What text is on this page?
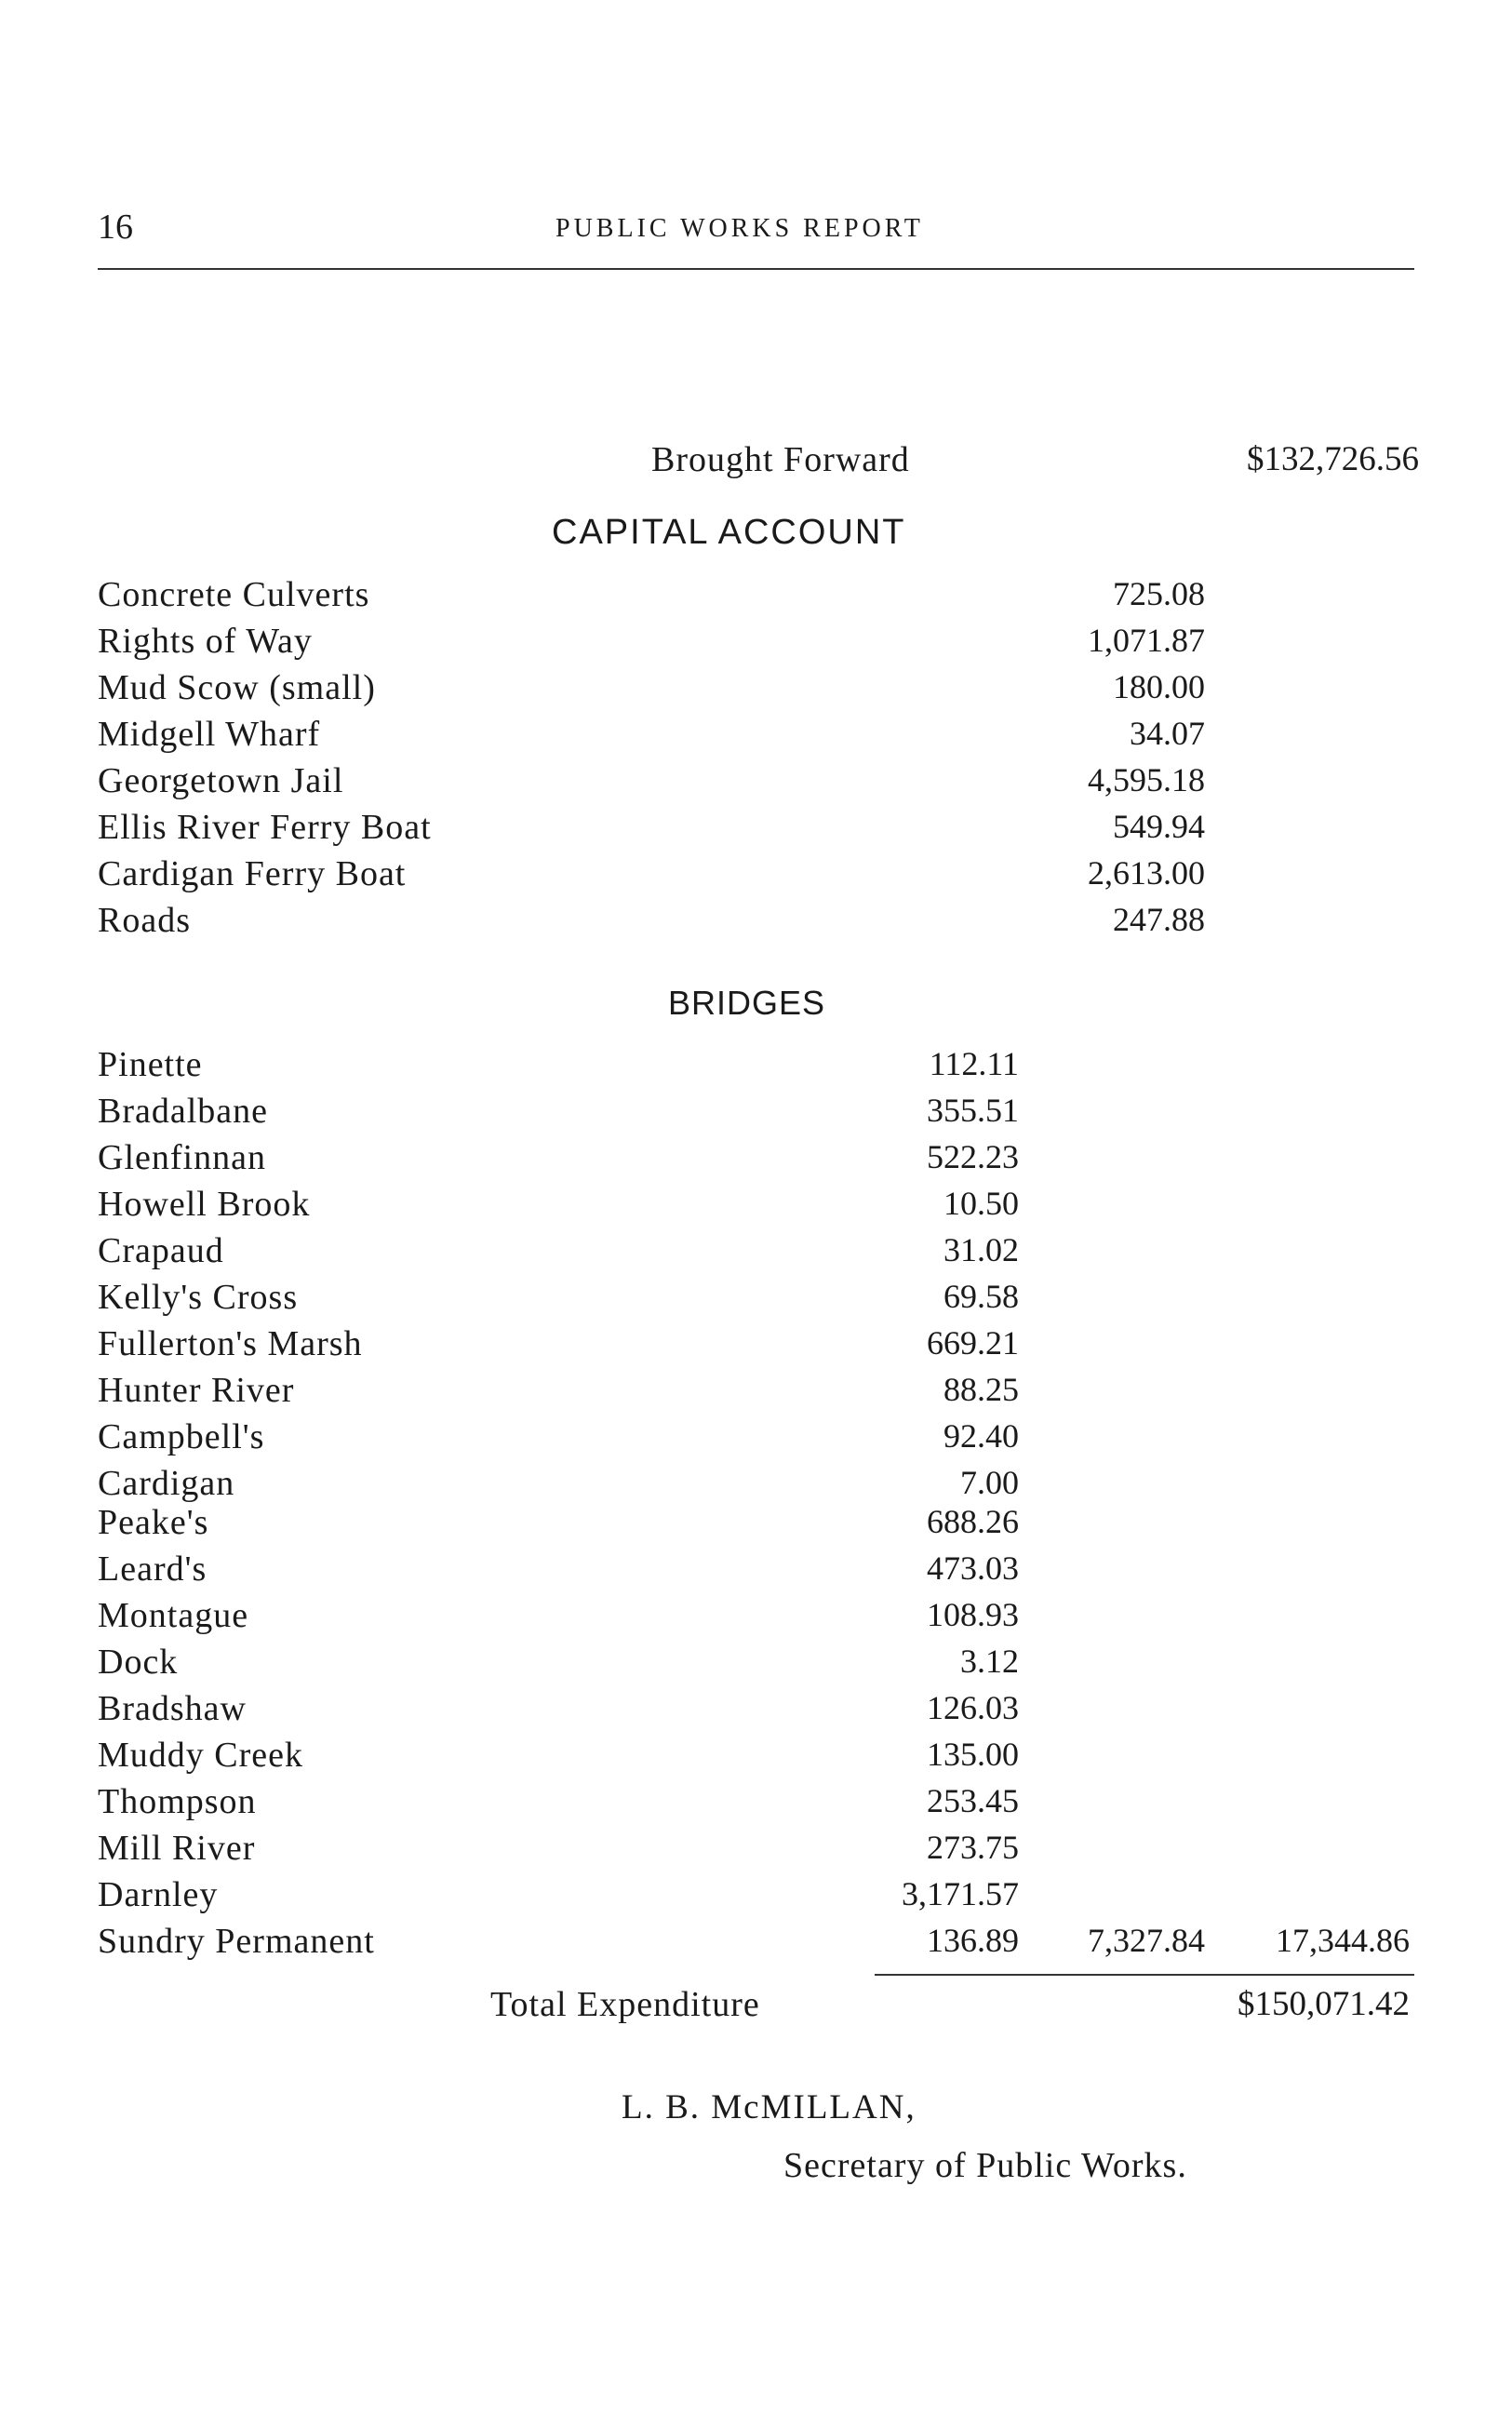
16	PUBLIC WORKS REPORT
Brought Forward	$132,726.56
CAPITAL ACCOUNT
Concrete Culverts	725.08
Rights of Way	1,071.87
Mud Scow (small)	180.00
Midgell Wharf	34.07
Georgetown Jail	4,595.18
Ellis River Ferry Boat	549.94
Cardigan Ferry Boat	2,613.00
Roads	247.88
BRIDGES
Pinette	112.11
Bradalbane	355.51
Glenfinnan	522.23
Howell Brook	10.50
Crapaud	31.02
Kelly's Cross	69.58
Fullerton's Marsh	669.21
Hunter River	88.25
Campbell's	92.40
Cardigan	7.00
Peake's	688.26
Leard's	473.03
Montague	108.93
Dock	3.12
Bradshaw	126.03
Muddy Creek	135.00
Thompson	253.45
Mill River	273.75
Darnley	3,171.57
Sundry Permanent	136.89 7,327.84 17,344.86
Total Expenditure	$150,071.42
L. B. McMILLAN,
Secretary of Public Works.
